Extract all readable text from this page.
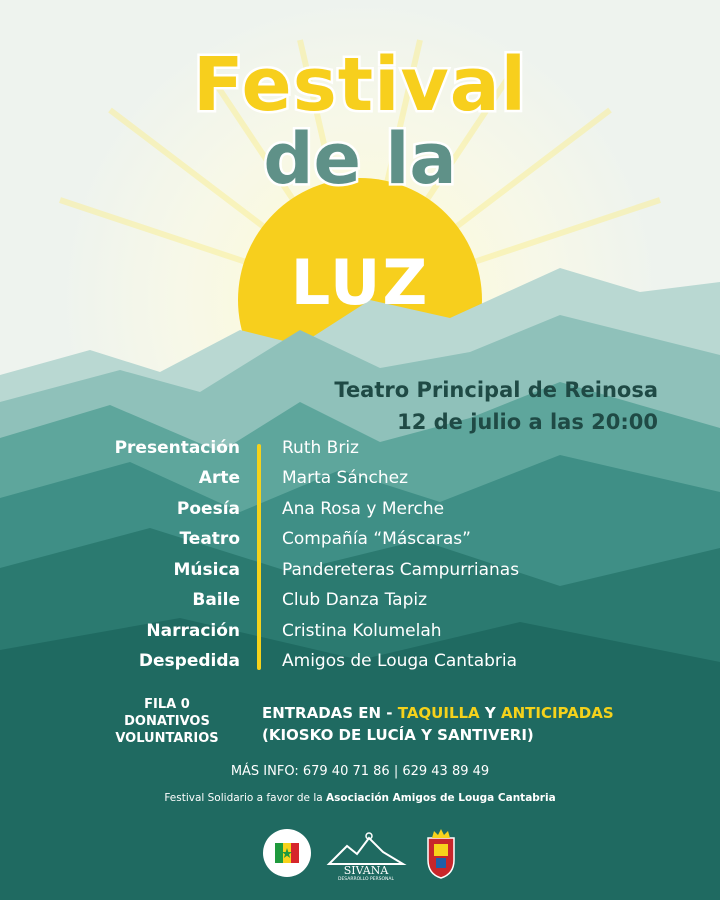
Festival
de la
LUZ
Teatro Principal de Reinosa
12 de julio a las 20:00
Presentación Ruth Briz
Arte Marta Sánchez
Poesía Ana Rosa y Merche
Teatro Compañía “Máscaras”
Música Pandereteras Campurrianas
Baile Club Danza Tapiz
Narración Cristina Kolumelah
Despedida Amigos de Louga Cantabria
FILA 0
DONATIVOS
VOLUNTARIOS
ENTRADAS EN - TAQUILLA Y ANTICIPADAS
(KIOSKO DE LUCÍA Y SANTIVERI)
MÁS INFO: 679 40 71 86 | 629 43 89 49
Festival Solidario a favor de la Asociación Amigos de Louga Cantabria
SIVANA
DESARROLLO PERSONAL
